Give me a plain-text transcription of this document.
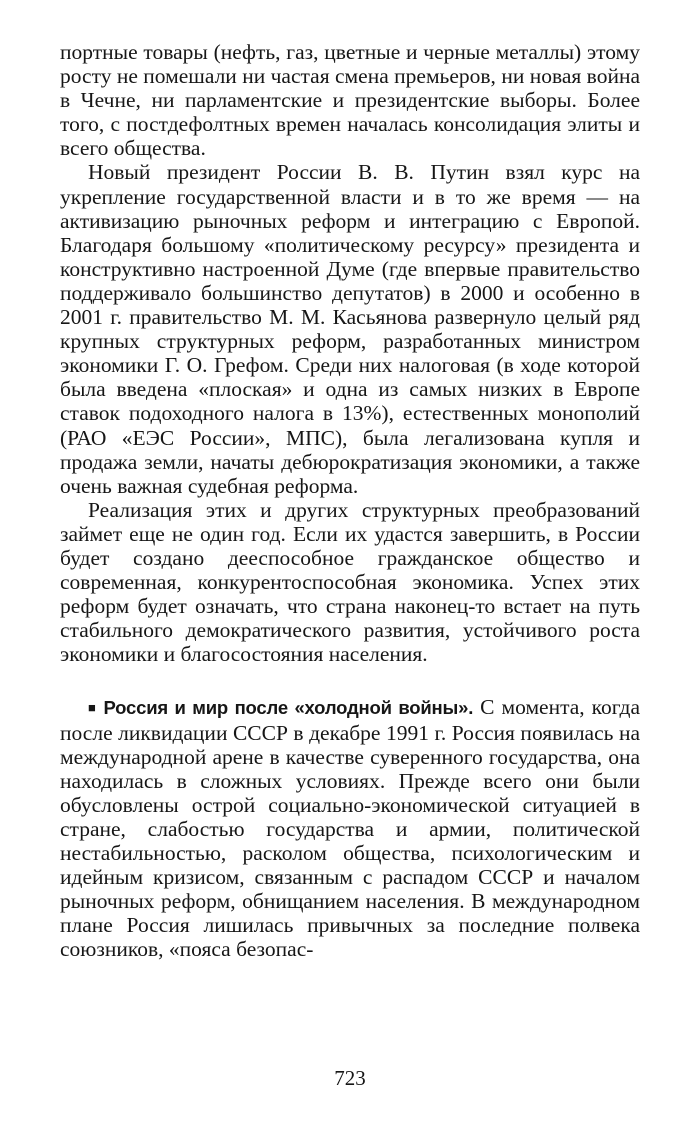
портные товары (нефть, газ, цветные и черные металлы) этому росту не помешали ни частая смена премьеров, ни новая война в Чечне, ни парламентские и президентские выборы. Более того, с постдефолтных времен началась консолидация элиты и всего общества.

Новый президент России В. В. Путин взял курс на укрепление государственной власти и в то же время — на активизацию рыночных реформ и интеграцию с Европой. Благодаря большому «политическому ресурсу» президента и конструктивно настроенной Думе (где впервые правительство поддерживало большинство депутатов) в 2000 и особенно в 2001 г. правительство М. М. Касьянова развернуло целый ряд крупных структурных реформ, разработанных министром экономики Г. О. Грефом. Среди них налоговая (в ходе которой была введена «плоская» и одна из самых низких в Европе ставок подоходного налога в 13%), естественных монополий (РАО «ЕЭС России», МПС), была легализована купля и продажа земли, начаты дебюрократизация экономики, а также очень важная судебная реформа.

Реализация этих и других структурных преобразований займет еще не один год. Если их удастся завершить, в России будет создано дееспособное гражданское общество и современная, конкурентоспособная экономика. Успех этих реформ будет означать, что страна наконец-то встает на путь стабильного демократического развития, устойчивого роста экономики и благосостояния населения.

■ Россия и мир после «холодной войны». С момента, когда после ликвидации СССР в декабре 1991 г. Россия появилась на международной арене в качестве суверенного государства, она находилась в сложных условиях. Прежде всего они были обусловлены острой социально-экономической ситуацией в стране, слабостью государства и армии, политической нестабильностью, расколом общества, психологическим и идейным кризисом, связанным с распадом СССР и началом рыночных реформ, обнищанием населения. В международном плане Россия лишилась привычных за последние полвека союзников, «пояса безопас-

723
